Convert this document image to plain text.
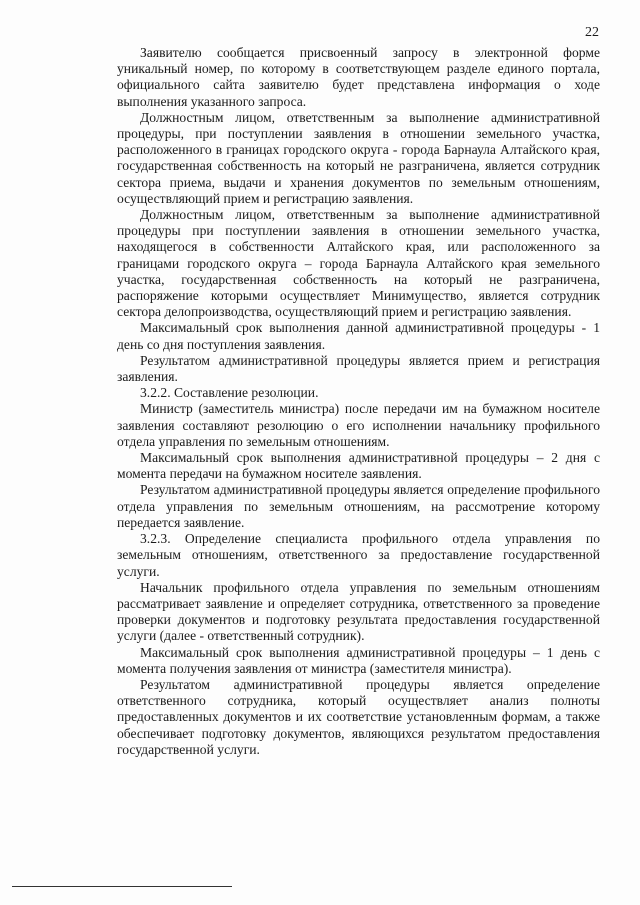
22

Заявителю сообщается присвоенный запросу в электронной форме уникальный номер, по которому в соответствующем разделе единого портала, официального сайта заявителю будет представлена информация о ходе выполнения указанного запроса.

Должностным лицом, ответственным за выполнение административной процедуры, при поступлении заявления в отношении земельного участка, расположенного в границах городского округа - города Барнаула Алтайского края, государственная собственность на который не разграничена, является сотрудник сектора приема, выдачи и хранения документов по земельным отношениям, осуществляющий прием и регистрацию заявления.

Должностным лицом, ответственным за выполнение административной процедуры при поступлении заявления в отношении земельного участка, находящегося в собственности Алтайского края, или расположенного за границами городского округа – города Барнаула Алтайского края земельного участка, государственная собственность на который не разграничена, распоряжение которыми осуществляет Минимущество, является сотрудник сектора делопроизводства, осуществляющий прием и регистрацию заявления.

Максимальный срок выполнения данной административной процедуры - 1 день со дня поступления заявления.

Результатом административной процедуры является прием и регистрация заявления.

3.2.2. Составление резолюции.

Министр (заместитель министра) после передачи им на бумажном носителе заявления составляют резолюцию о его исполнении начальнику профильного отдела управления по земельным отношениям.

Максимальный срок выполнения административной процедуры – 2 дня с момента передачи на бумажном носителе заявления.

Результатом административной процедуры является определение профильного отдела управления по земельным отношениям, на рассмотрение которому передается заявление.

3.2.3. Определение специалиста профильного отдела управления по земельным отношениям, ответственного за предоставление государственной услуги.

Начальник профильного отдела управления по земельным отношениям рассматривает заявление и определяет сотрудника, ответственного за проведение проверки документов и подготовку результата предоставления государственной услуги (далее - ответственный сотрудник).

Максимальный срок выполнения административной процедуры – 1 день с момента получения заявления от министра (заместителя министра).

Результатом административной процедуры является определение ответственного сотрудника, который осуществляет анализ полноты предоставленных документов и их соответствие установленным формам, а также обеспечивает подготовку документов, являющихся результатом предоставления государственной услуги.
